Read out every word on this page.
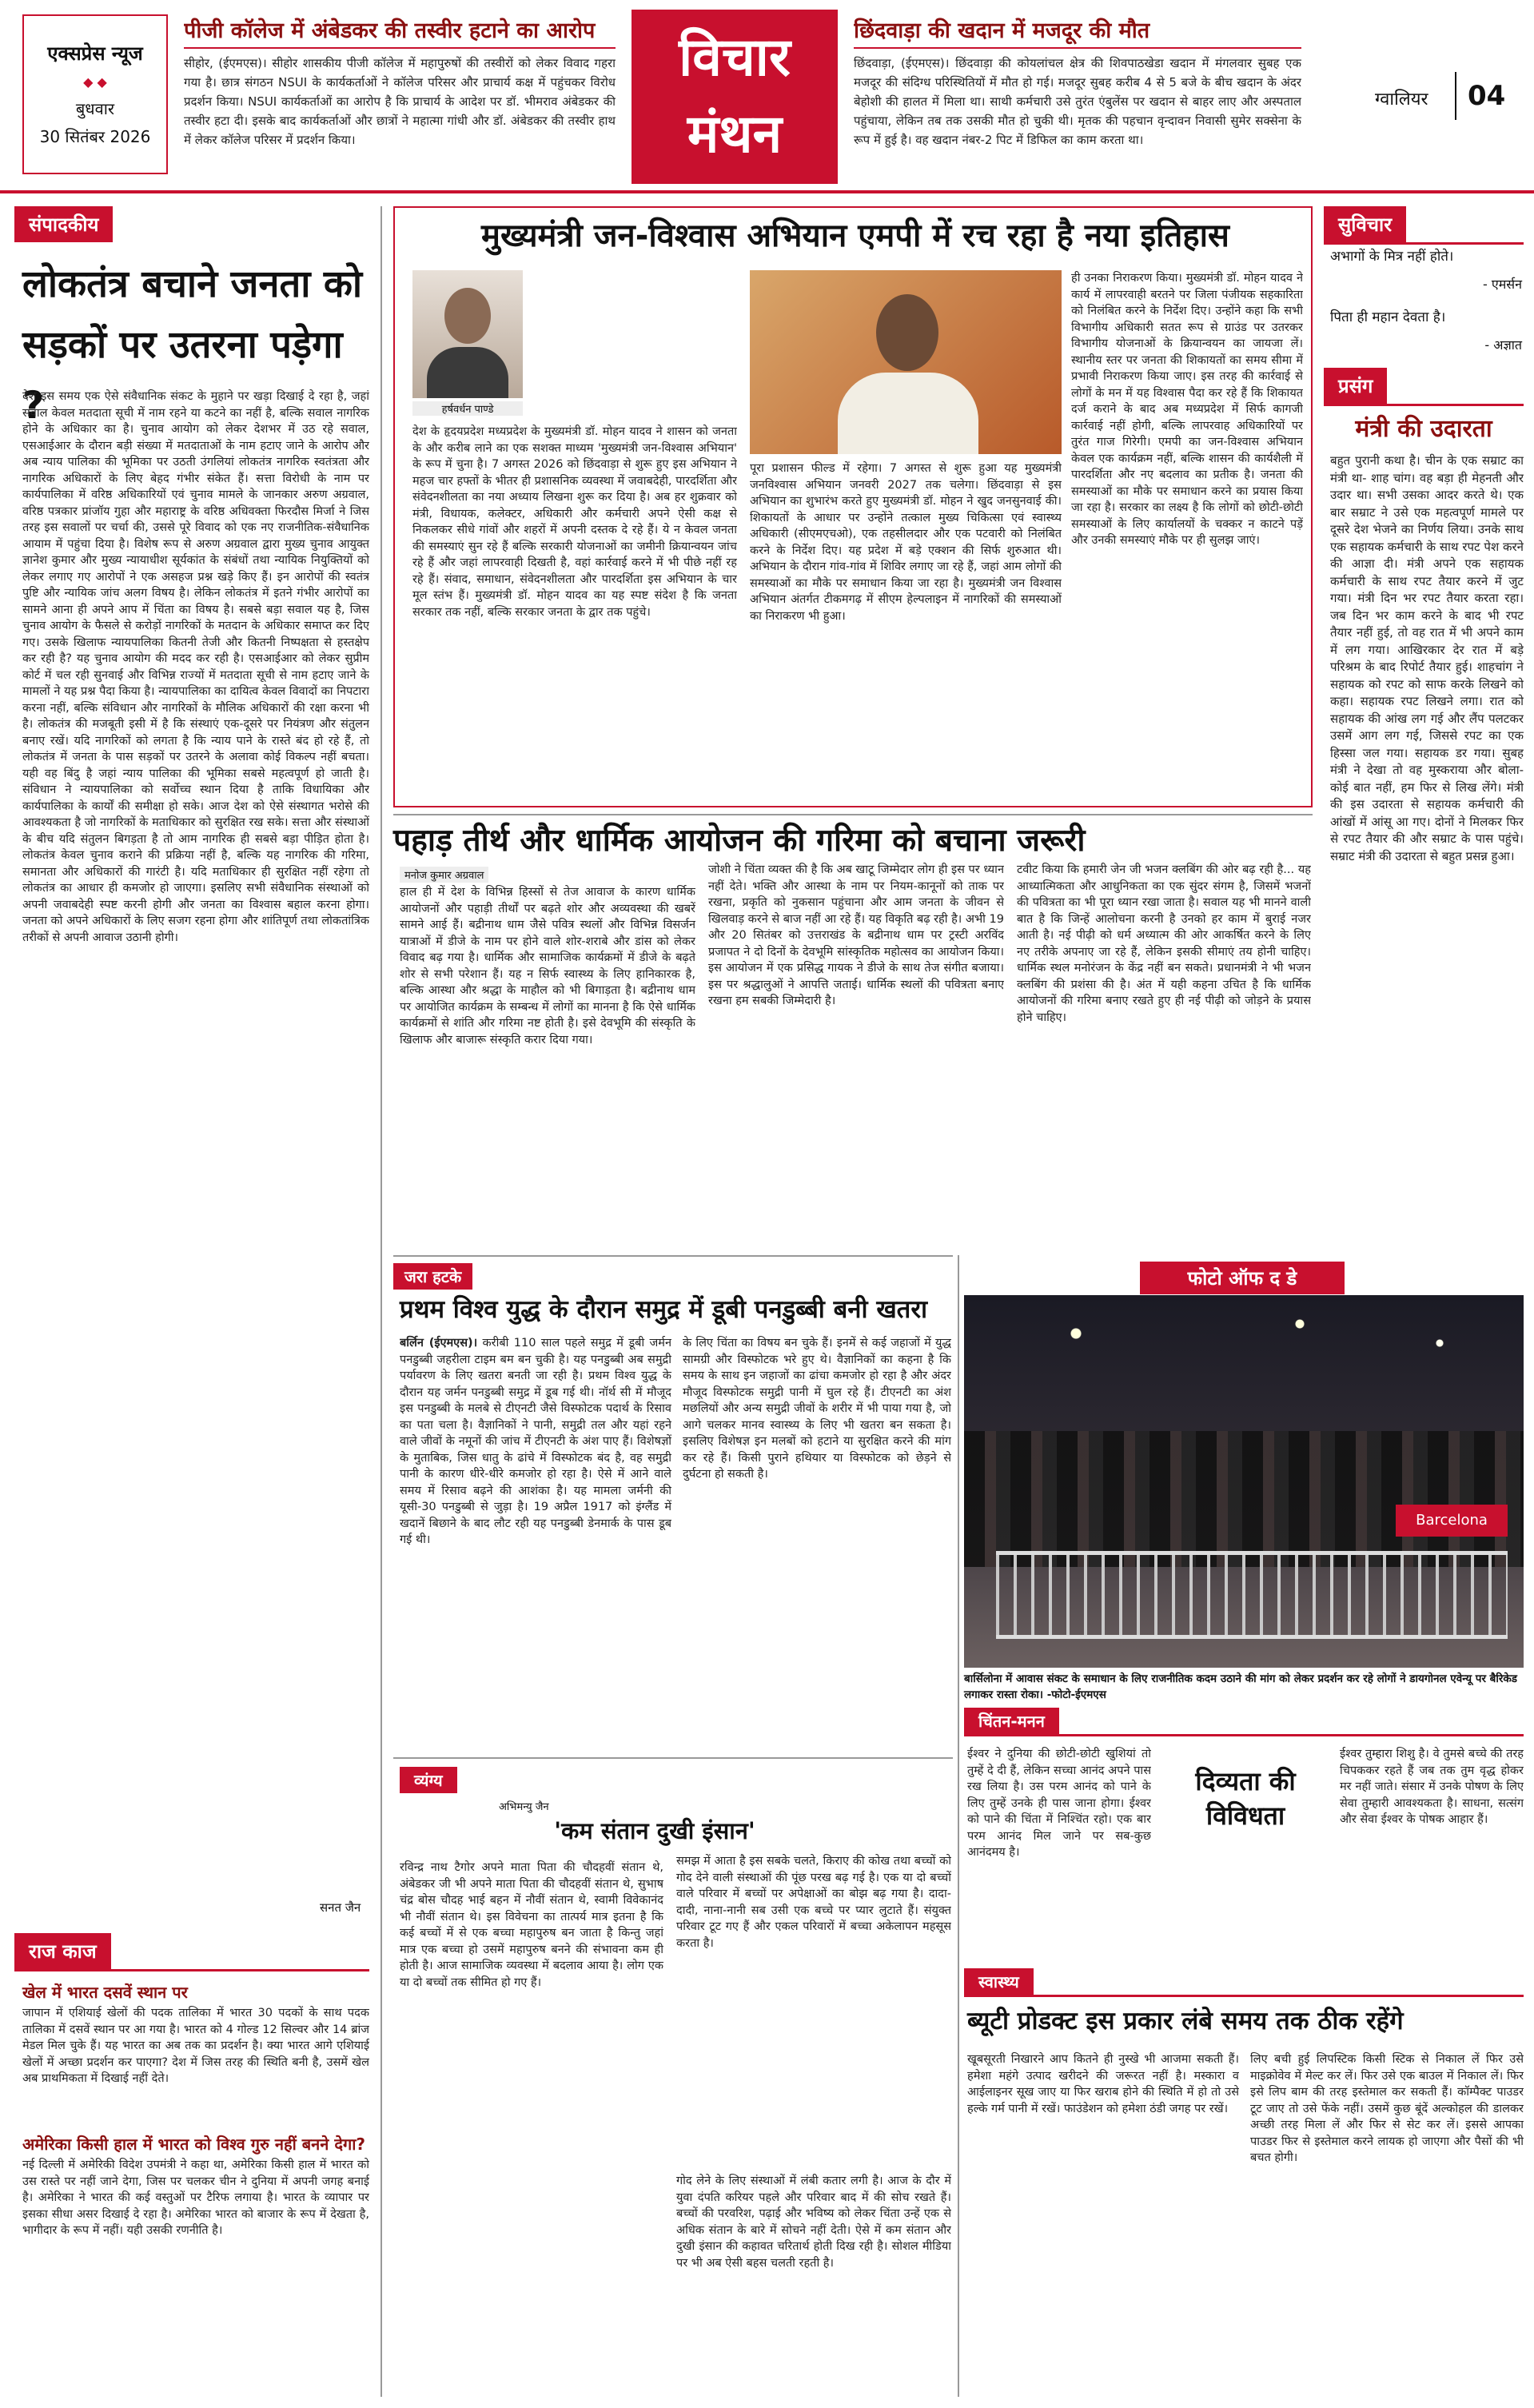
एक्सप्रेस न्यूज
◆ ◆
बुधवार
30 सितंबर 2026
पीजी कॉलेज में अंबेडकर की तस्वीर हटाने का आरोप
सीहोर, (ईएमएस)। सीहोर शासकीय पीजी कॉलेज में महापुरुषों की तस्वीरों को लेकर विवाद गहरा गया है। छात्र संगठन NSUI के कार्यकर्ताओं ने कॉलेज परिसर और प्राचार्य कक्ष में पहुंचकर विरोध प्रदर्शन किया। NSUI कार्यकर्ताओं का आरोप है कि प्राचार्य के आदेश पर डॉ. भीमराव अंबेडकर की तस्वीर हटा दी। इसके बाद कार्यकर्ताओं और छात्रों ने महात्मा गांधी और डॉ. अंबेडकर की तस्वीर हाथ में लेकर कॉलेज परिसर में प्रदर्शन किया।
विचार
मंथन
छिंदवाड़ा की खदान में मजदूर की मौत
छिंदवाड़ा, (ईएमएस)। छिंदवाड़ा की कोयलांचल क्षेत्र की शिवपाठखेडा खदान में मंगलवार सुबह एक मजदूर की संदिग्ध परिस्थितियों में मौत हो गई। मजदूर सुबह करीब 4 से 5 बजे के बीच खदान के अंदर बेहोशी की हालत में मिला था। साथी कर्मचारी उसे तुरंत एंबुलेंस पर खदान से बाहर लाए और अस्पताल पहुंचाया, लेकिन तब तक उसकी मौत हो चुकी थी। मृतक की पहचान वृन्दावन निवासी सुमेर सक्सेना के रूप में हुई है। वह खदान नंबर-2 पिट में डिफिल का काम करता था।
ग्वालियर 04
संपादकीय
लोकतंत्र बचाने जनता को सड़कों पर उतरना पड़ेगा ?
देश इस समय एक ऐसे संवैधानिक संकट के मुहाने पर खड़ा दिखाई दे रहा है, जहां सवाल केवल मतदाता सूची में नाम रहने या कटने का नहीं है, बल्कि सवाल नागरिक होने के अधिकार का है। चुनाव आयोग को लेकर देशभर में उठ रहे सवाल, एसआईआर के दौरान बड़ी संख्या में मतदाताओं के नाम हटाए जाने के आरोप और अब न्याय पालिका की भूमिका पर उठती उंगलियां लोकतंत्र नागरिक स्वतंत्रता और नागरिक अधिकारों के लिए बेहद गंभीर संकेत हैं। सत्ता विरोधी के नाम पर कार्यपालिका में वरिष्ठ अधिकारियों एवं चुनाव मामले के जानकार अरुण अग्रवाल, वरिष्ठ पत्रकार प्रांजॉय गुहा और महाराष्ट्र के वरिष्ठ अधिवक्ता फिरदौस मिर्जा ने जिस तरह इस सवालों पर चर्चा की, उससे पूरे विवाद को एक नए राजनीतिक-संवैधानिक आयाम में पहुंचा दिया है। विशेष रूप से अरुण अग्रवाल द्वारा मुख्य चुनाव आयुक्त ज्ञानेश कुमार और मुख्य न्यायाधीश सूर्यकांत के संबंधों तथा न्यायिक नियुक्तियों को लेकर लगाए गए आरोपों ने एक असहज प्रश्न खड़े किए हैं। इन आरोपों की स्वतंत्र पुष्टि और न्यायिक जांच अलग विषय है। लेकिन लोकतंत्र में इतने गंभीर आरोपों का सामने आना ही अपने आप में चिंता का विषय है। सबसे बड़ा सवाल यह है, जिस चुनाव आयोग के फैसले से करोड़ों नागरिकों के मतदान के अधिकार समाप्त कर दिए गए। उसके खिलाफ न्यायपालिका कितनी तेजी और कितनी निष्पक्षता से हस्तक्षेप कर रही है? यह चुनाव आयोग की मदद कर रही है। एसआईआर को लेकर सुप्रीम कोर्ट में चल रही सुनवाई और विभिन्न राज्यों में मतदाता सूची से नाम हटाए जाने के मामलों ने यह प्रश्न पैदा किया है। न्यायपालिका का दायित्व केवल विवादों का निपटारा करना नहीं, बल्कि संविधान और नागरिकों के मौलिक अधिकारों की रक्षा करना भी है। लोकतंत्र की मजबूती इसी में है कि संस्थाएं एक-दूसरे पर नियंत्रण और संतुलन बनाए रखें। यदि नागरिकों को लगता है कि न्याय पाने के रास्ते बंद हो रहे हैं, तो लोकतंत्र में जनता के पास सड़कों पर उतरने के अलावा कोई विकल्प नहीं बचता। यही वह बिंदु है जहां न्याय पालिका की भूमिका सबसे महत्वपूर्ण हो जाती है। संविधान ने न्यायपालिका को सर्वोच्च स्थान दिया है ताकि विधायिका और कार्यपालिका के कार्यों की समीक्षा हो सके। आज देश को ऐसे संस्थागत भरोसे की आवश्यकता है जो नागरिकों के मताधिकार को सुरक्षित रख सके। सत्ता और संस्थाओं के बीच यदि संतुलन बिगड़ता है तो आम नागरिक ही सबसे बड़ा पीड़ित होता है। लोकतंत्र केवल चुनाव कराने की प्रक्रिया नहीं है, बल्कि यह नागरिक की गरिमा, समानता और अधिकारों की गारंटी है। यदि मताधिकार ही सुरक्षित नहीं रहेगा तो लोकतंत्र का आधार ही कमजोर हो जाएगा। इसलिए सभी संवैधानिक संस्थाओं को अपनी जवाबदेही स्पष्ट करनी होगी और जनता का विश्वास बहाल करना होगा। जनता को अपने अधिकारों के लिए सजग रहना होगा और शांतिपूर्ण तथा लोकतांत्रिक तरीकों से अपनी आवाज उठानी होगी।
सनत जैन
राज काज
खेल में भारत दसवें स्थान पर
जापान में एशियाई खेलों की पदक तालिका में भारत 30 पदकों के साथ पदक तालिका में दसवें स्थान पर आ गया है। भारत को 4 गोल्ड 12 सिल्वर और 14 ब्रांज मेडल मिल चुके हैं। यह भारत का अब तक का प्रदर्शन है। क्या भारत आगे एशियाई खेलों में अच्छा प्रदर्शन कर पाएगा? देश में जिस तरह की स्थिति बनी है, उसमें खेल अब प्राथमिकता में दिखाई नहीं देते।
अमेरिका किसी हाल में भारत को विश्व गुरु नहीं बनने देगा?
नई दिल्ली में अमेरिकी विदेश उपमंत्री ने कहा था, अमेरिका किसी हाल में भारत को उस रास्ते पर नहीं जाने देगा, जिस पर चलकर चीन ने दुनिया में अपनी जगह बनाई है। अमेरिका ने भारत की कई वस्तुओं पर टैरिफ लगाया है। भारत के व्यापार पर इसका सीधा असर दिखाई दे रहा है। अमेरिका भारत को बाजार के रूप में देखता है, भागीदार के रूप में नहीं। यही उसकी रणनीति है।
मुख्यमंत्री जन-विश्वास अभियान एमपी में रच रहा है नया इतिहास
हर्षवर्धन पाण्डे
देश के हृदयप्रदेश मध्यप्रदेश के मुख्यमंत्री डॉ. मोहन यादव ने शासन को जनता के और करीब लाने का एक सशक्त माध्यम 'मुख्यमंत्री जन-विश्वास अभियान' के रूप में चुना है। 7 अगस्त 2026 को छिंदवाड़ा से शुरू हुए इस अभियान ने महज चार हफ्तों के भीतर ही प्रशासनिक व्यवस्था में जवाबदेही, पारदर्शिता और संवेदनशीलता का नया अध्याय लिखना शुरू कर दिया है। अब हर शुक्रवार को मंत्री, विधायक, कलेक्टर, अधिकारी और कर्मचारी अपने ऐसी कक्ष से निकलकर सीधे गांवों और शहरों में अपनी दस्तक दे रहे हैं। ये न केवल जनता की समस्याएं सुन रहे हैं बल्कि सरकारी योजनाओं का जमीनी क्रियान्वयन जांच रहे हैं और जहां लापरवाही दिखती है, वहां कार्रवाई करने में भी पीछे नहीं रह रहे हैं। संवाद, समाधान, संवेदनशीलता और पारदर्शिता इस अभियान के चार मूल स्तंभ हैं। मुख्यमंत्री डॉ. मोहन यादव का यह स्पष्ट संदेश है कि जनता सरकार तक नहीं, बल्कि सरकार जनता के द्वार तक पहुंचे।
पूरा प्रशासन फील्ड में रहेगा। 7 अगस्त से शुरू हुआ यह मुख्यमंत्री जनविश्वास अभियान जनवरी 2027 तक चलेगा। छिंदवाड़ा से इस अभियान का शुभारंभ करते हुए मुख्यमंत्री डॉ. मोहन ने खुद जनसुनवाई की। शिकायतों के आधार पर उन्होंने तत्काल मुख्य चिकित्सा एवं स्वास्थ्य अधिकारी (सीएमएचओ), एक तहसीलदार और एक पटवारी को निलंबित करने के निर्देश दिए। यह प्रदेश में बड़े एक्शन की सिर्फ शुरुआत थी। अभियान के दौरान गांव-गांव में शिविर लगाए जा रहे हैं, जहां आम लोगों की समस्याओं का मौके पर समाधान किया जा रहा है। मुख्यमंत्री जन विश्वास अभियान अंतर्गत टीकमगढ़ में सीएम हेल्पलाइन में नागरिकों की समस्याओं का निराकरण भी हुआ।
ही उनका निराकरण किया। मुख्यमंत्री डॉ. मोहन यादव ने कार्य में लापरवाही बरतने पर जिला पंजीयक सहकारिता को निलंबित करने के निर्देश दिए। उन्होंने कहा कि सभी विभागीय अधिकारी सतत रूप से ग्राउंड पर उतरकर विभागीय योजनाओं के क्रियान्वयन का जायजा लें। स्थानीय स्तर पर जनता की शिकायतों का समय सीमा में प्रभावी निराकरण किया जाए। इस तरह की कार्रवाई से लोगों के मन में यह विश्वास पैदा कर रहे हैं कि शिकायत दर्ज कराने के बाद अब मध्यप्रदेश में सिर्फ कागजी कार्रवाई नहीं होगी, बल्कि लापरवाह अधिकारियों पर तुरंत गाज गिरेगी। एमपी का जन-विश्वास अभियान केवल एक कार्यक्रम नहीं, बल्कि शासन की कार्यशैली में पारदर्शिता और नए बदलाव का प्रतीक है। जनता की समस्याओं का मौके पर समाधान करने का प्रयास किया जा रहा है। सरकार का लक्ष्य है कि लोगों को छोटी-छोटी समस्याओं के लिए कार्यालयों के चक्कर न काटने पड़ें और उनकी समस्याएं मौके पर ही सुलझ जाएं।
सुविचार
अभागों के मित्र नहीं होते।
- एमर्सन
पिता ही महान देवता है।
- अज्ञात
प्रसंग
मंत्री की उदारता
बहुत पुरानी कथा है। चीन के एक सम्राट का मंत्री था- शाह चांग। वह बड़ा ही मेहनती और उदार था। सभी उसका आदर करते थे। एक बार सम्राट ने उसे एक महत्वपूर्ण मामले पर दूसरे देश भेजने का निर्णय लिया। उनके साथ एक सहायक कर्मचारी के साथ रपट पेश करने की आज्ञा दी। मंत्री अपने एक सहायक कर्मचारी के साथ रपट तैयार करने में जुट गया। मंत्री दिन भर रपट तैयार करता रहा। जब दिन भर काम करने के बाद भी रपट तैयार नहीं हुई, तो वह रात में भी अपने काम में लग गया। आखिरकार देर रात में बड़े परिश्रम के बाद रिपोर्ट तैयार हुई। शाहचांग ने सहायक को रपट को साफ करके लिखने को कहा। सहायक रपट लिखने लगा। रात को सहायक की आंख लग गई और लैंप पलटकर उसमें आग लग गई, जिससे रपट का एक हिस्सा जल गया। सहायक डर गया। सुबह मंत्री ने देखा तो वह मुस्कराया और बोला- कोई बात नहीं, हम फिर से लिख लेंगे। मंत्री की इस उदारता से सहायक कर्मचारी की आंखों में आंसू आ गए। दोनों ने मिलकर फिर से रपट तैयार की और सम्राट के पास पहुंचे। सम्राट मंत्री की उदारता से बहुत प्रसन्न हुआ।
पहाड़ तीर्थ और धार्मिक आयोजन की गरिमा को बचाना जरूरी
मनोज कुमार अग्रवाल
हाल ही में देश के विभिन्न हिस्सों से तेज आवाज के कारण धार्मिक आयोजनों और पहाड़ी तीर्थों पर बढ़ते शोर और अव्यवस्था की खबरें सामने आई हैं। बद्रीनाथ धाम जैसे पवित्र स्थलों और विभिन्न विसर्जन यात्राओं में डीजे के नाम पर होने वाले शोर-शराबे और डांस को लेकर विवाद बढ़ गया है। धार्मिक और सामाजिक कार्यक्रमों में डीजे के बढ़ते शोर से सभी परेशान हैं। यह न सिर्फ स्वास्थ्य के लिए हानिकारक है, बल्कि आस्था और श्रद्धा के माहौल को भी बिगाड़ता है। बद्रीनाथ धाम पर आयोजित कार्यक्रम के सम्बन्ध में लोगों का मानना है कि ऐसे धार्मिक कार्यक्रमों से शांति और गरिमा नष्ट होती है। इसे देवभूमि की संस्कृति के खिलाफ और बाजारू संस्कृति करार दिया गया।
जोशी ने चिंता व्यक्त की है कि अब खाटू जिम्मेदार लोग ही इस पर ध्यान नहीं देते। भक्ति और आस्था के नाम पर नियम-कानूनों को ताक पर रखना, प्रकृति को नुकसान पहुंचाना और आम जनता के जीवन से खिलवाड़ करने से बाज नहीं आ रहे हैं। यह विकृति बढ़ रही है। अभी 19 और 20 सितंबर को उत्तराखंड के बद्रीनाथ धाम पर ट्रस्टी अरविंद प्रजापत ने दो दिनों के देवभूमि सांस्कृतिक महोत्सव का आयोजन किया। इस आयोजन में एक प्रसिद्ध गायक ने डीजे के साथ तेज संगीत बजाया। इस पर श्रद्धालुओं ने आपत्ति जताई। धार्मिक स्थलों की पवित्रता बनाए रखना हम सबकी जिम्मेदारी है।
टवीट किया कि हमारी जेन जी भजन क्लबिंग की ओर बढ़ रही है... यह आध्यात्मिकता और आधुनिकता का एक सुंदर संगम है, जिसमें भजनों की पवित्रता का भी पूरा ध्यान रखा जाता है। सवाल यह भी मानने वाली बात है कि जिन्हें आलोचना करनी है उनको हर काम में बुराई नजर आती है। नई पीढ़ी को धर्म अध्यात्म की ओर आकर्षित करने के लिए नए तरीके अपनाए जा रहे हैं, लेकिन इसकी सीमाएं तय होनी चाहिए। धार्मिक स्थल मनोरंजन के केंद्र नहीं बन सकते। प्रधानमंत्री ने भी भजन क्लबिंग की प्रशंसा की है। अंत में यही कहना उचित है कि धार्मिक आयोजनों की गरिमा बनाए रखते हुए ही नई पीढ़ी को जोड़ने के प्रयास होने चाहिए।
जरा हटके
प्रथम विश्व युद्ध के दौरान समुद्र में डूबी पनडुब्बी बनी खतरा
बर्लिन (ईएमएस)। करीबी 110 साल पहले समुद्र में डूबी जर्मन पनडुब्बी जहरीला टाइम बम बन चुकी है। यह पनडुब्बी अब समुद्री पर्यावरण के लिए खतरा बनती जा रही है। प्रथम विश्व युद्ध के दौरान यह जर्मन पनडुब्बी समुद्र में डूब गई थी। नॉर्थ सी में मौजूद इस पनडुब्बी के मलबे से टीएनटी जैसे विस्फोटक पदार्थ के रिसाव का पता चला है। वैज्ञानिकों ने पानी, समुद्री तल और यहां रहने वाले जीवों के नमूनों की जांच में टीएनटी के अंश पाए हैं। विशेषज्ञों के मुताबिक, जिस धातु के ढांचे में विस्फोटक बंद है, वह समुद्री पानी के कारण धीरे-धीरे कमजोर हो रहा है। ऐसे में आने वाले समय में रिसाव बढ़ने की आशंका है। यह मामला जर्मनी की यूसी-30 पनडुब्बी से जुड़ा है। 19 अप्रैल 1917 को इंग्लैंड में खदानें बिछाने के बाद लौट रही यह पनडुब्बी डेनमार्क के पास डूब गई थी।
के लिए चिंता का विषय बन चुके हैं। इनमें से कई जहाजों में युद्ध सामग्री और विस्फोटक भरे हुए थे। वैज्ञानिकों का कहना है कि समय के साथ इन जहाजों का ढांचा कमजोर हो रहा है और अंदर मौजूद विस्फोटक समुद्री पानी में घुल रहे हैं। टीएनटी का अंश मछलियों और अन्य समुद्री जीवों के शरीर में भी पाया गया है, जो आगे चलकर मानव स्वास्थ्य के लिए भी खतरा बन सकता है। इसलिए विशेषज्ञ इन मलबों को हटाने या सुरक्षित करने की मांग कर रहे हैं। किसी पुराने हथियार या विस्फोटक को छेड़ने से दुर्घटना हो सकती है।
फोटो ऑफ द डे
Barcelona
बार्सिलोना में आवास संकट के समाधान के लिए राजनीतिक कदम उठाने की मांग को लेकर प्रदर्शन कर रहे लोगों ने डायगोनल एवेन्यू पर बैरिकेड लगाकर रास्ता रोका। -फोटो-ईएमएस
व्यंग्य
अभिमन्यु जैन
'कम संतान दुखी इंसान'
रविन्द्र नाथ टैगोर अपने माता पिता की चौदहवीं संतान थे, अंबेडकर जी भी अपने माता पिता की चौदहवीं संतान थे, सुभाष चंद्र बोस चौदह भाई बहन में नौवीं संतान थे, स्वामी विवेकानंद भी नौवीं संतान थे। इस विवेचना का तात्पर्य मात्र इतना है कि कई बच्चों में से एक बच्चा महापुरुष बन जाता है किन्तु जहां मात्र एक बच्चा हो उसमें महापुरुष बनने की संभावना कम ही होती है। आज सामाजिक व्यवस्था में बदलाव आया है। लोग एक या दो बच्चों तक सीमित हो गए हैं।
समझ में आता है इस सबके चलते, किराए की कोख तथा बच्चों को गोद देने वाली संस्थाओं की पूंछ परख बढ़ गई है। एक या दो बच्चों वाले परिवार में बच्चों पर अपेक्षाओं का बोझ बढ़ गया है। दादा-दादी, नाना-नानी सब उसी एक बच्चे पर प्यार लुटाते हैं। संयुक्त परिवार टूट गए हैं और एकल परिवारों में बच्चा अकेलापन महसूस करता है।
गोद लेने के लिए संस्थाओं में लंबी कतार लगी है। आज के दौर में युवा दंपति करियर पहले और परिवार बाद में की सोच रखते हैं। बच्चों की परवरिश, पढ़ाई और भविष्य को लेकर चिंता उन्हें एक से अधिक संतान के बारे में सोचने नहीं देती। ऐसे में कम संतान और दुखी इंसान की कहावत चरितार्थ होती दिख रही है। सोशल मीडिया पर भी अब ऐसी बहस चलती रहती है।
चिंतन-मनन
ईश्वर ने दुनिया की छोटी-छोटी खुशियां तो तुम्हें दे दी हैं, लेकिन सच्चा आनंद अपने पास रख लिया है। उस परम आनंद को पाने के लिए तुम्हें उनके ही पास जाना होगा। ईश्वर को पाने की चिंता में निश्चिंत रहो। एक बार परम आनंद मिल जाने पर सब-कुछ आनंदमय है।
दिव्यता की विविधता
ईश्वर तुम्हारा शिशु है। वे तुमसे बच्चे की तरह चिपककर रहते हैं जब तक तुम वृद्ध होकर मर नहीं जाते। संसार में उनके पोषण के लिए सेवा तुम्हारी आवश्यकता है। साधना, सत्संग और सेवा ईश्वर के पोषक आहार हैं।
स्वास्थ्य
ब्यूटी प्रोडक्ट इस प्रकार लंबे समय तक ठीक रहेंगे
खूबसूरती निखारने आप कितने ही नुस्खे भी आजमा सकती हैं। हमेशा महंगे उत्पाद खरीदने की जरूरत नहीं है। मस्कारा व आईलाइनर सूख जाए या फिर खराब होने की स्थिति में हो तो उसे हल्के गर्म पानी में रखें। फाउंडेशन को हमेशा ठंडी जगह पर रखें।
लिए बची हुई लिपस्टिक किसी स्टिक से निकाल लें फिर उसे माइक्रोवेव में मेल्ट कर लें। फिर उसे एक बाउल में निकाल लें। फिर इसे लिप बाम की तरह इस्तेमाल कर सकती हैं। कॉम्पैक्ट पाउडर टूट जाए तो उसे फेंके नहीं। उसमें कुछ बूंदें अल्कोहल की डालकर अच्छी तरह मिला लें और फिर से सेट कर लें। इससे आपका पाउडर फिर से इस्तेमाल करने लायक हो जाएगा और पैसों की भी बचत होगी।
